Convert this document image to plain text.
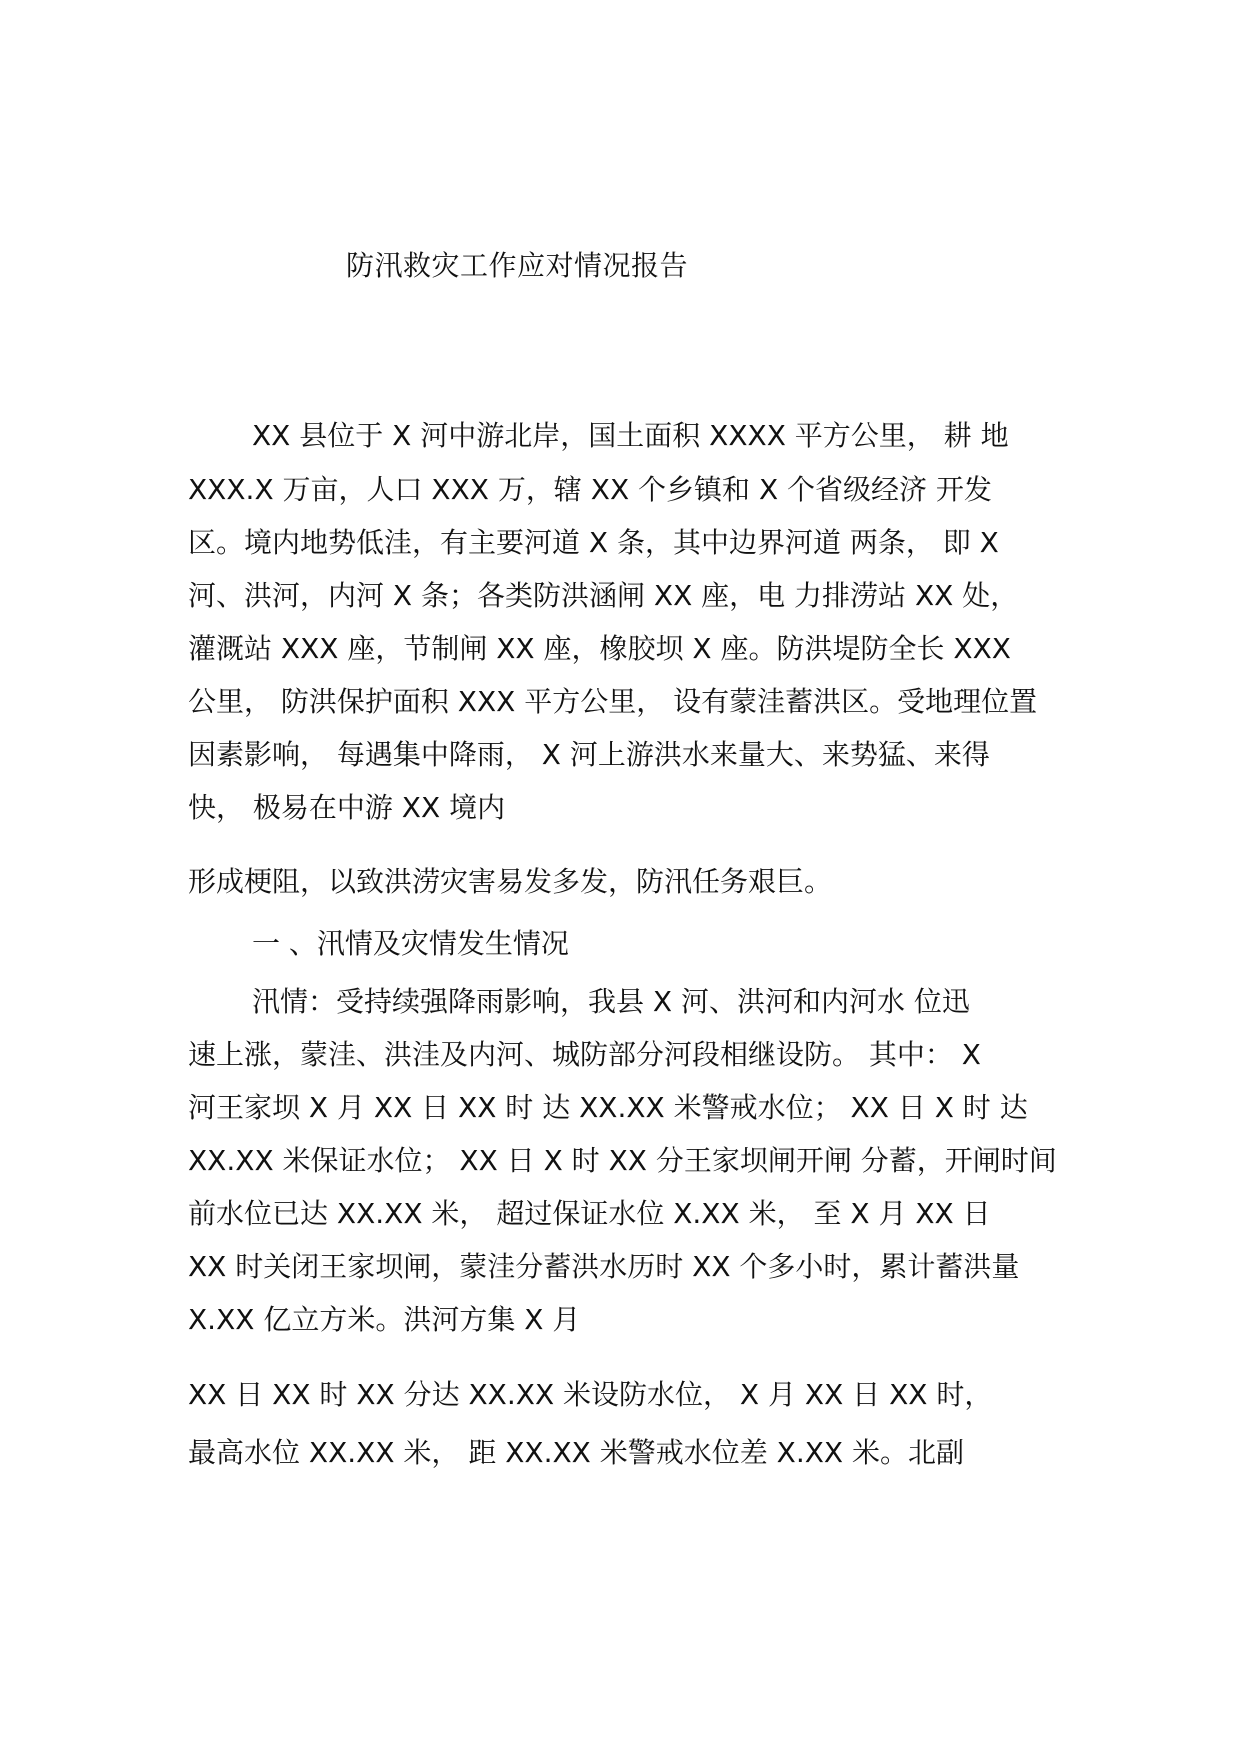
防汛救灾工作应对情况报告
XX 县位于 X 河中游北岸，国土面积 XXXX 平方公里， 耕 地
XXX.X 万亩，人口 XXX 万，辖 XX 个乡镇和 X 个省级经济 开发
区。境内地势低洼，有主要河道 X 条，其中边界河道 两条， 即 X
河、洪河，内河 X 条；各类防洪涵闸 XX 座，电 力排涝站 XX 处，
灌溉站 XXX 座，节制闸 XX 座，橡胶坝 X 座。防洪堤防全长 XXX
公里， 防洪保护面积 XXX 平方公里， 设有蒙洼蓄洪区。受地理位置
因素影响， 每遇集中降雨， X 河上游洪水来量大、来势猛、来得
快， 极易在中游 XX 境内
形成梗阻，以致洪涝灾害易发多发，防汛任务艰巨。
一 、汛情及灾情发生情况
汛情：受持续强降雨影响，我县 X 河、洪河和内河水 位迅
速上涨，蒙洼、洪洼及内河、城防部分河段相继设防。 其中： X
河王家坝 X 月 XX 日 XX 时 达 XX.XX 米警戒水位； XX 日 X 时 达
XX.XX 米保证水位； XX 日 X 时 XX 分王家坝闸开闸 分蓄，开闸时间
前水位已达 XX.XX 米， 超过保证水位 X.XX 米， 至 X 月 XX 日
XX 时关闭王家坝闸，蒙洼分蓄洪水历时 XX 个多小时，累计蓄洪量
X.XX 亿立方米。洪河方集 X 月
XX 日 XX 时 XX 分达 XX.XX 米设防水位， X 月 XX 日 XX 时，
最高水位 XX.XX 米， 距 XX.XX 米警戒水位差 X.XX 米。北副
